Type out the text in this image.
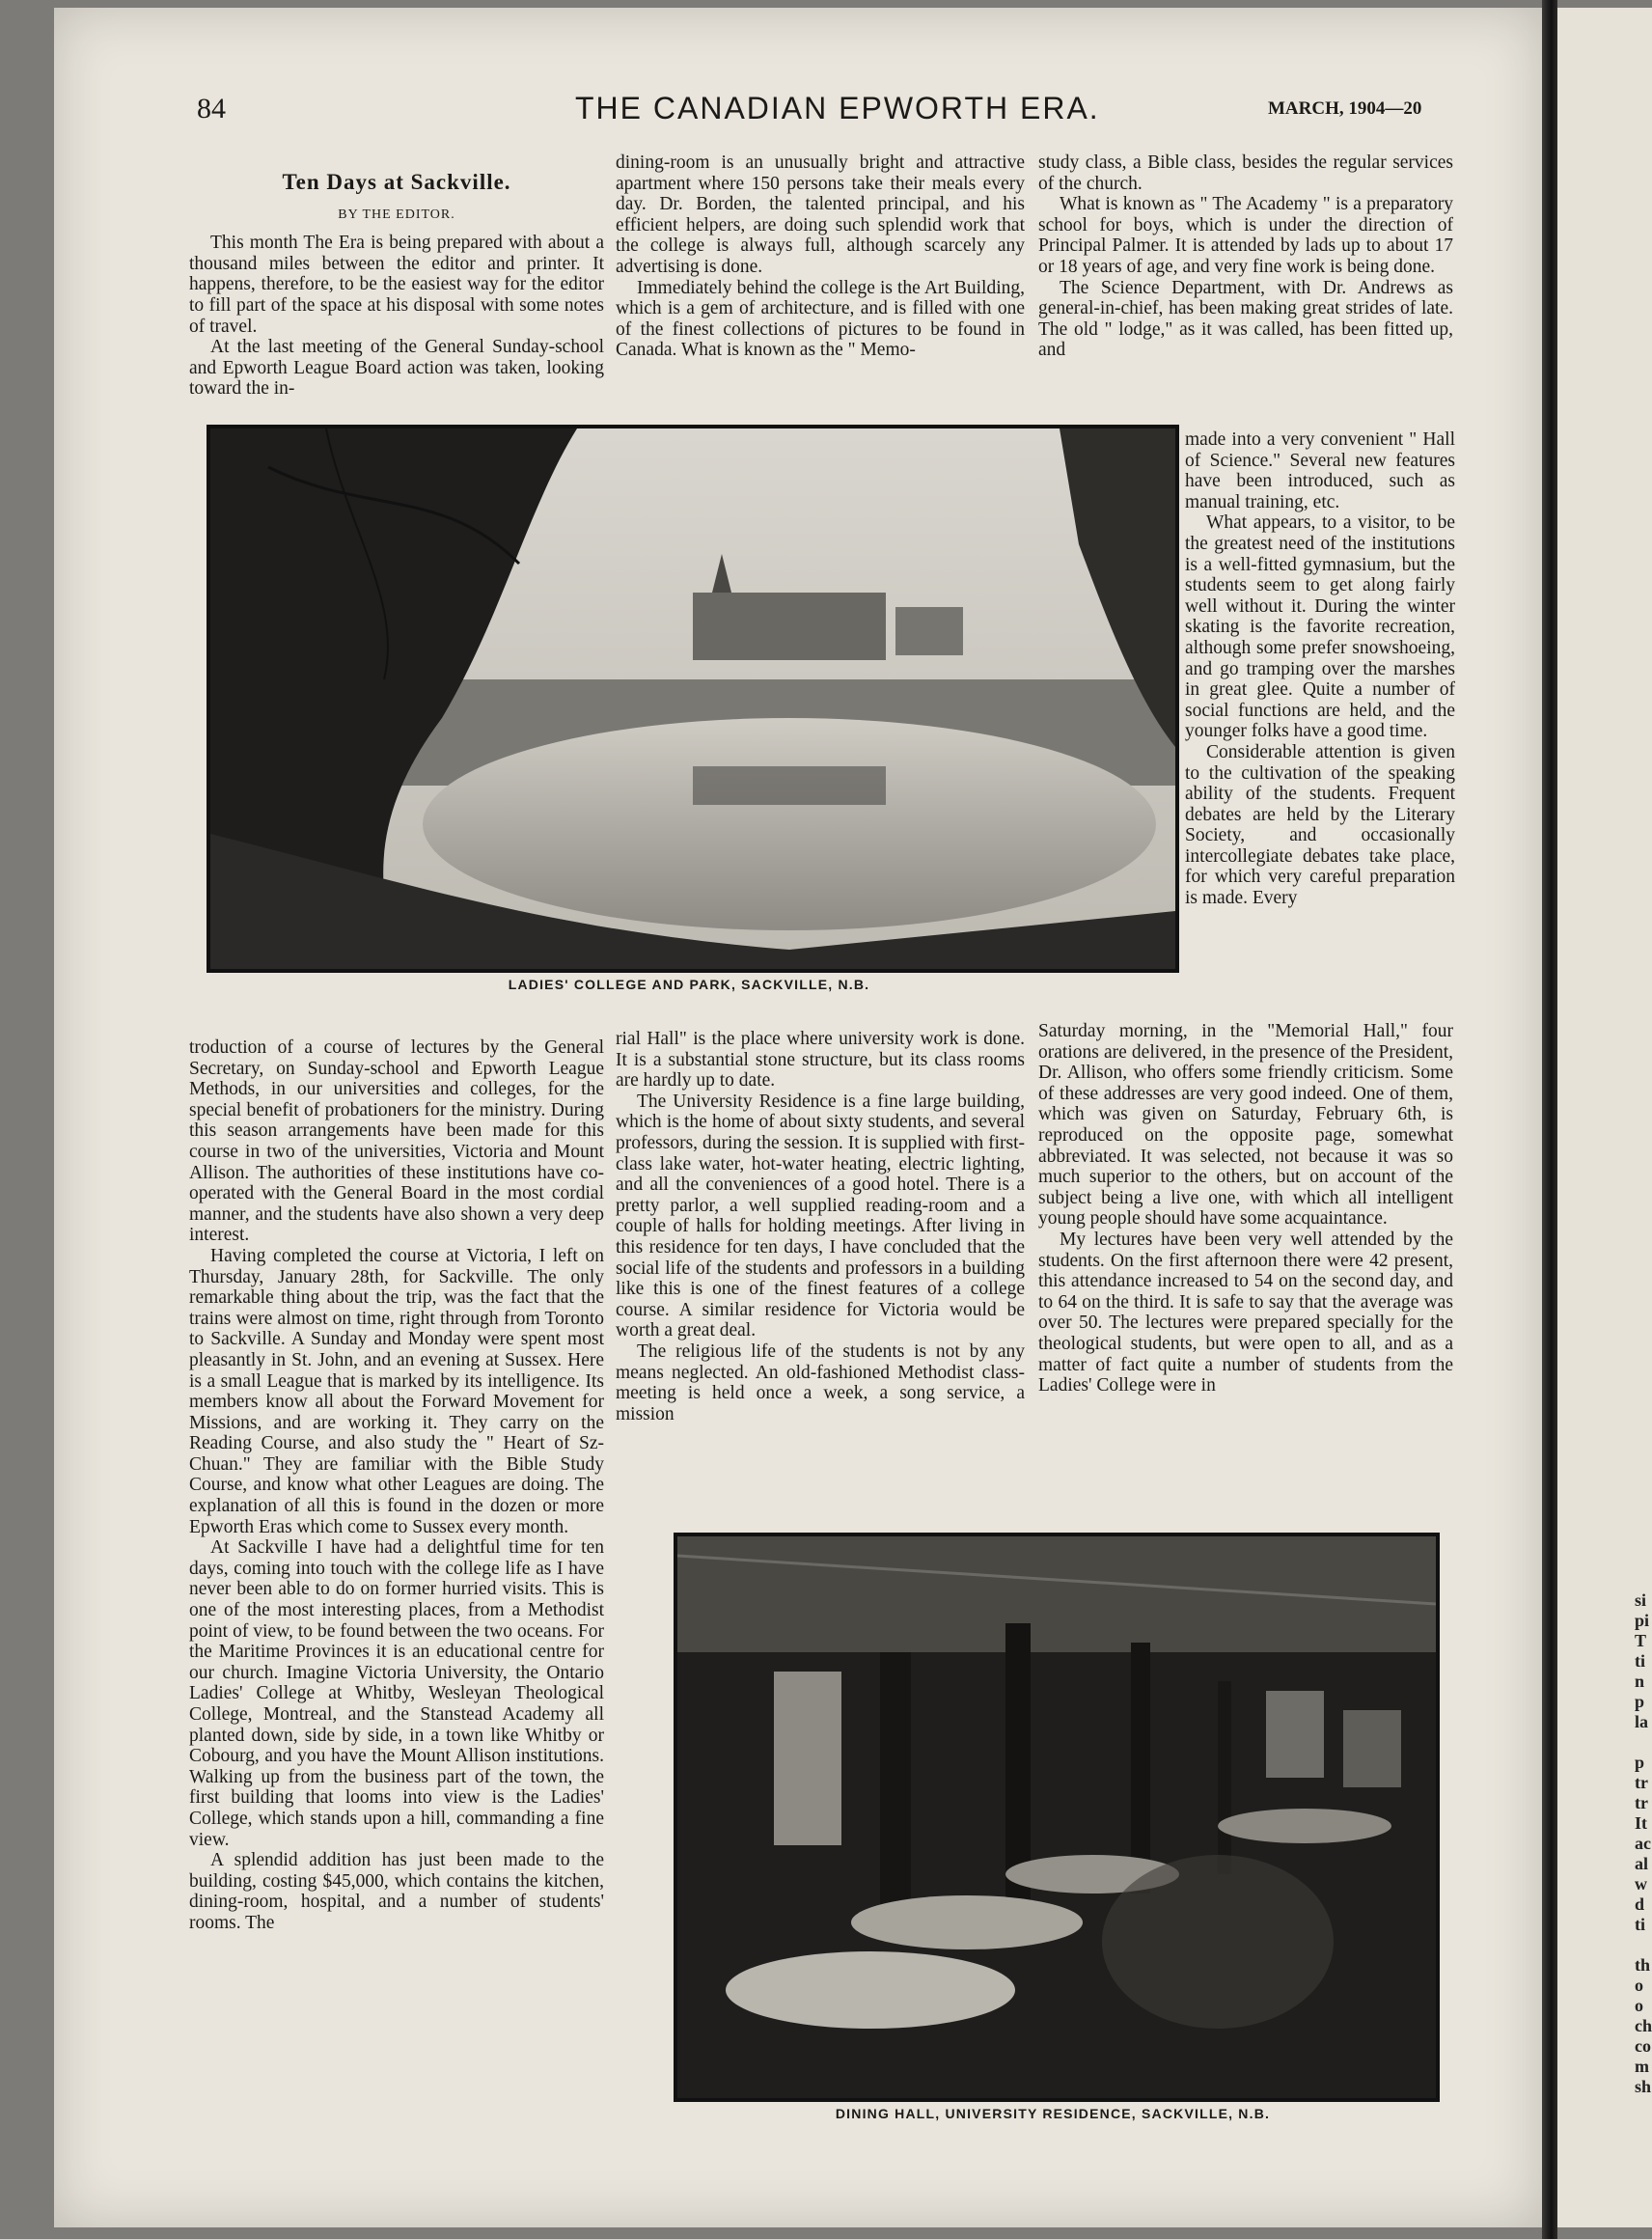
84	THE CANADIAN EPWORTH ERA.	MARCH, 1904—20
Ten Days at Sackville.
BY THE EDITOR.

This month The Era is being prepared with about a thousand miles between the editor and printer. It happens, therefore, to be the easiest way for the editor to fill part of the space at his disposal with some notes of travel.

At the last meeting of the General Sunday-school and Epworth League Board action was taken, looking toward the in-

dining-room is an unusually bright and attractive apartment where 150 persons take their meals every day. Dr. Borden, the talented principal, and his efficient helpers, are doing such splendid work that the college is always full, although scarcely any advertising is done.

Immediately behind the college is the Art Building, which is a gem of architecture, and is filled with one of the finest collections of pictures to be found in Canada. What is known as the " Memo-

study class, a Bible class, besides the regular services of the church.

What is known as " The Academy " is a preparatory school for boys, which is under the direction of Principal Palmer. It is attended by lads up to about 17 or 18 years of age, and very fine work is being done.

The Science Department, with Dr. Andrews as general-in-chief, has been making great strides of late. The old " lodge," as it was called, has been fitted up, and

LADIES' COLLEGE AND PARK, SACKVILLE, N.B.

made into a very convenient " Hall of Science." Several new features have been introduced, such as manual training, etc.

What appears, to a visitor, to be the greatest need of the institutions is a well-fitted gymnasium, but the students seem to get along fairly well without it. During the winter skating is the favorite recreation, although some prefer snowshoeing, and go tramping over the marshes in great glee. Quite a number of social functions are held, and the younger folks have a good time.

Considerable attention is given to the cultivation of the speaking ability of the students. Frequent debates are held by the Literary Society, and occasionally intercollegiate debates take place, for which very careful preparation is made. Every

troduction of a course of lectures by the General Secretary, on Sunday-school and Epworth League Methods, in our universities and colleges, for the special benefit of probationers for the ministry. During this season arrangements have been made for this course in two of the universities, Victoria and Mount Allison. The authorities of these institutions have co-operated with the General Board in the most cordial manner, and the students have also shown a very deep interest.

Having completed the course at Victoria, I left on Thursday, January 28th, for Sackville. The only remarkable thing about the trip, was the fact that the trains were almost on time, right through from Toronto to Sackville. A Sunday and Monday were spent most pleasantly in St. John, and an evening at Sussex. Here is a small League that is marked by its intelligence. Its members know all about the Forward Movement for Missions, and are working it. They carry on the Reading Course, and also study the " Heart of Sz-Chuan." They are familiar with the Bible Study Course, and know what other Leagues are doing. The explanation of all this is found in the dozen or more Epworth Eras which come to Sussex every month.

At Sackville I have had a delightful time for ten days, coming into touch with the college life as I have never been able to do on former hurried visits. This is one of the most interesting places, from a Methodist point of view, to be found between the two oceans. For the Maritime Provinces it is an educational centre for our church. Imagine Victoria University, the Ontario Ladies' College at Whitby, Wesleyan Theological College, Montreal, and the Stanstead Academy all planted down, side by side, in a town like Whitby or Cobourg, and you have the Mount Allison institutions. Walking up from the business part of the town, the first building that looms into view is the Ladies' College, which stands upon a hill, commanding a fine view.

A splendid addition has just been made to the building, costing $45,000, which contains the kitchen, dining-room, hospital, and a number of students' rooms. The

rial Hall" is the place where university work is done. It is a substantial stone structure, but its class rooms are hardly up to date.

The University Residence is a fine large building, which is the home of about sixty students, and several professors, during the session. It is supplied with first-class lake water, hot-water heating, electric lighting, and all the conveniences of a good hotel. There is a pretty parlor, a well supplied reading-room and a couple of halls for holding meetings. After living in this residence for ten days, I have concluded that the social life of the students and professors in a building like this is one of the finest features of a college course. A similar residence for Victoria would be worth a great deal.

The religious life of the students is not by any means neglected. An old-fashioned Methodist class-meeting is held once a week, a song service, a mission

Saturday morning, in the "Memorial Hall," four orations are delivered, in the presence of the President, Dr. Allison, who offers some friendly criticism. Some of these addresses are very good indeed. One of them, which was given on Saturday, February 6th, is reproduced on the opposite page, somewhat abbreviated. It was selected, not because it was so much superior to the others, but on account of the subject being a live one, with which all intelligent young people should have some acquaintance.

My lectures have been very well attended by the students. On the first afternoon there were 42 present, this attendance increased to 54 on the second day, and to 64 on the third. It is safe to say that the average was over 50. The lectures were prepared specially for the theological students, but were open to all, and as a matter of fact quite a number of students from the Ladies' College were in

DINING HALL, UNIVERSITY RESIDENCE, SACKVILLE, N.B.
si
pi
T
ti
n
p
la

p
tr
tr
It
ac
al
w
d
ti

th
o
o
ch
co
m
sh
